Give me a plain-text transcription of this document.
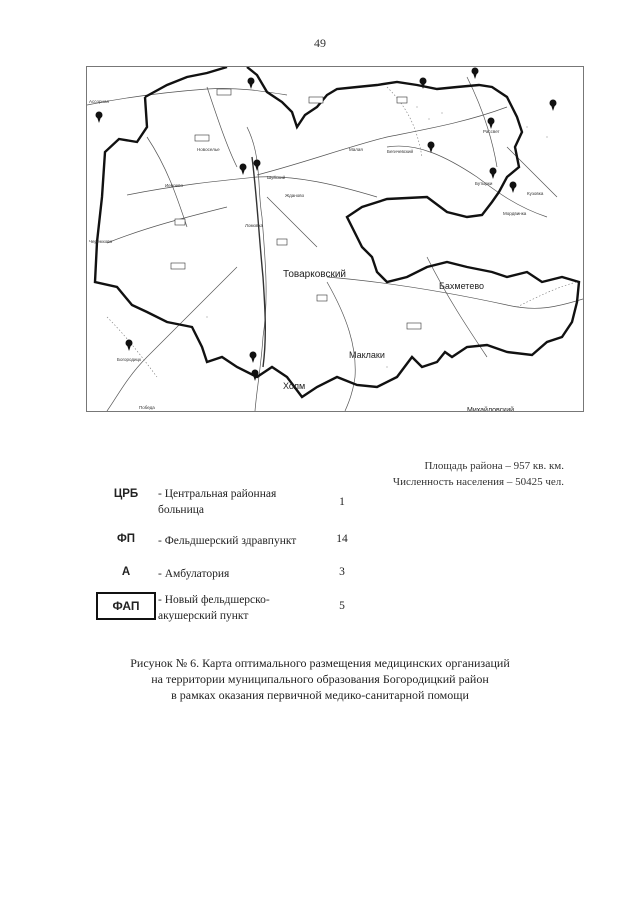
49
Товарковский
Бахметево
Маклаки
Холм
Михайловский
Ассорная
Новоселье
Иевлево
Ломовка
Черемхово
Богородицк
Победа
Жданово
Бегичевский
Кузовка
Малая
Шуйский
Рассвет
Бутырки
Мордвинка
Площадь района – 957 кв. км.
Численность населения – 50425 чел.
ЦРБ	- Центральная районная
больница
1
ФП	- Фельдшерский здравпункт	14
А	- Амбулатория	3
ФАП	- Новый фельдшерско-
акушерский пункт
5
Рисунок № 6. Карта оптимального размещения медицинских организаций
на территории муниципального образования Богородицкий район
в рамках оказания первичной медико-санитарной помощи
